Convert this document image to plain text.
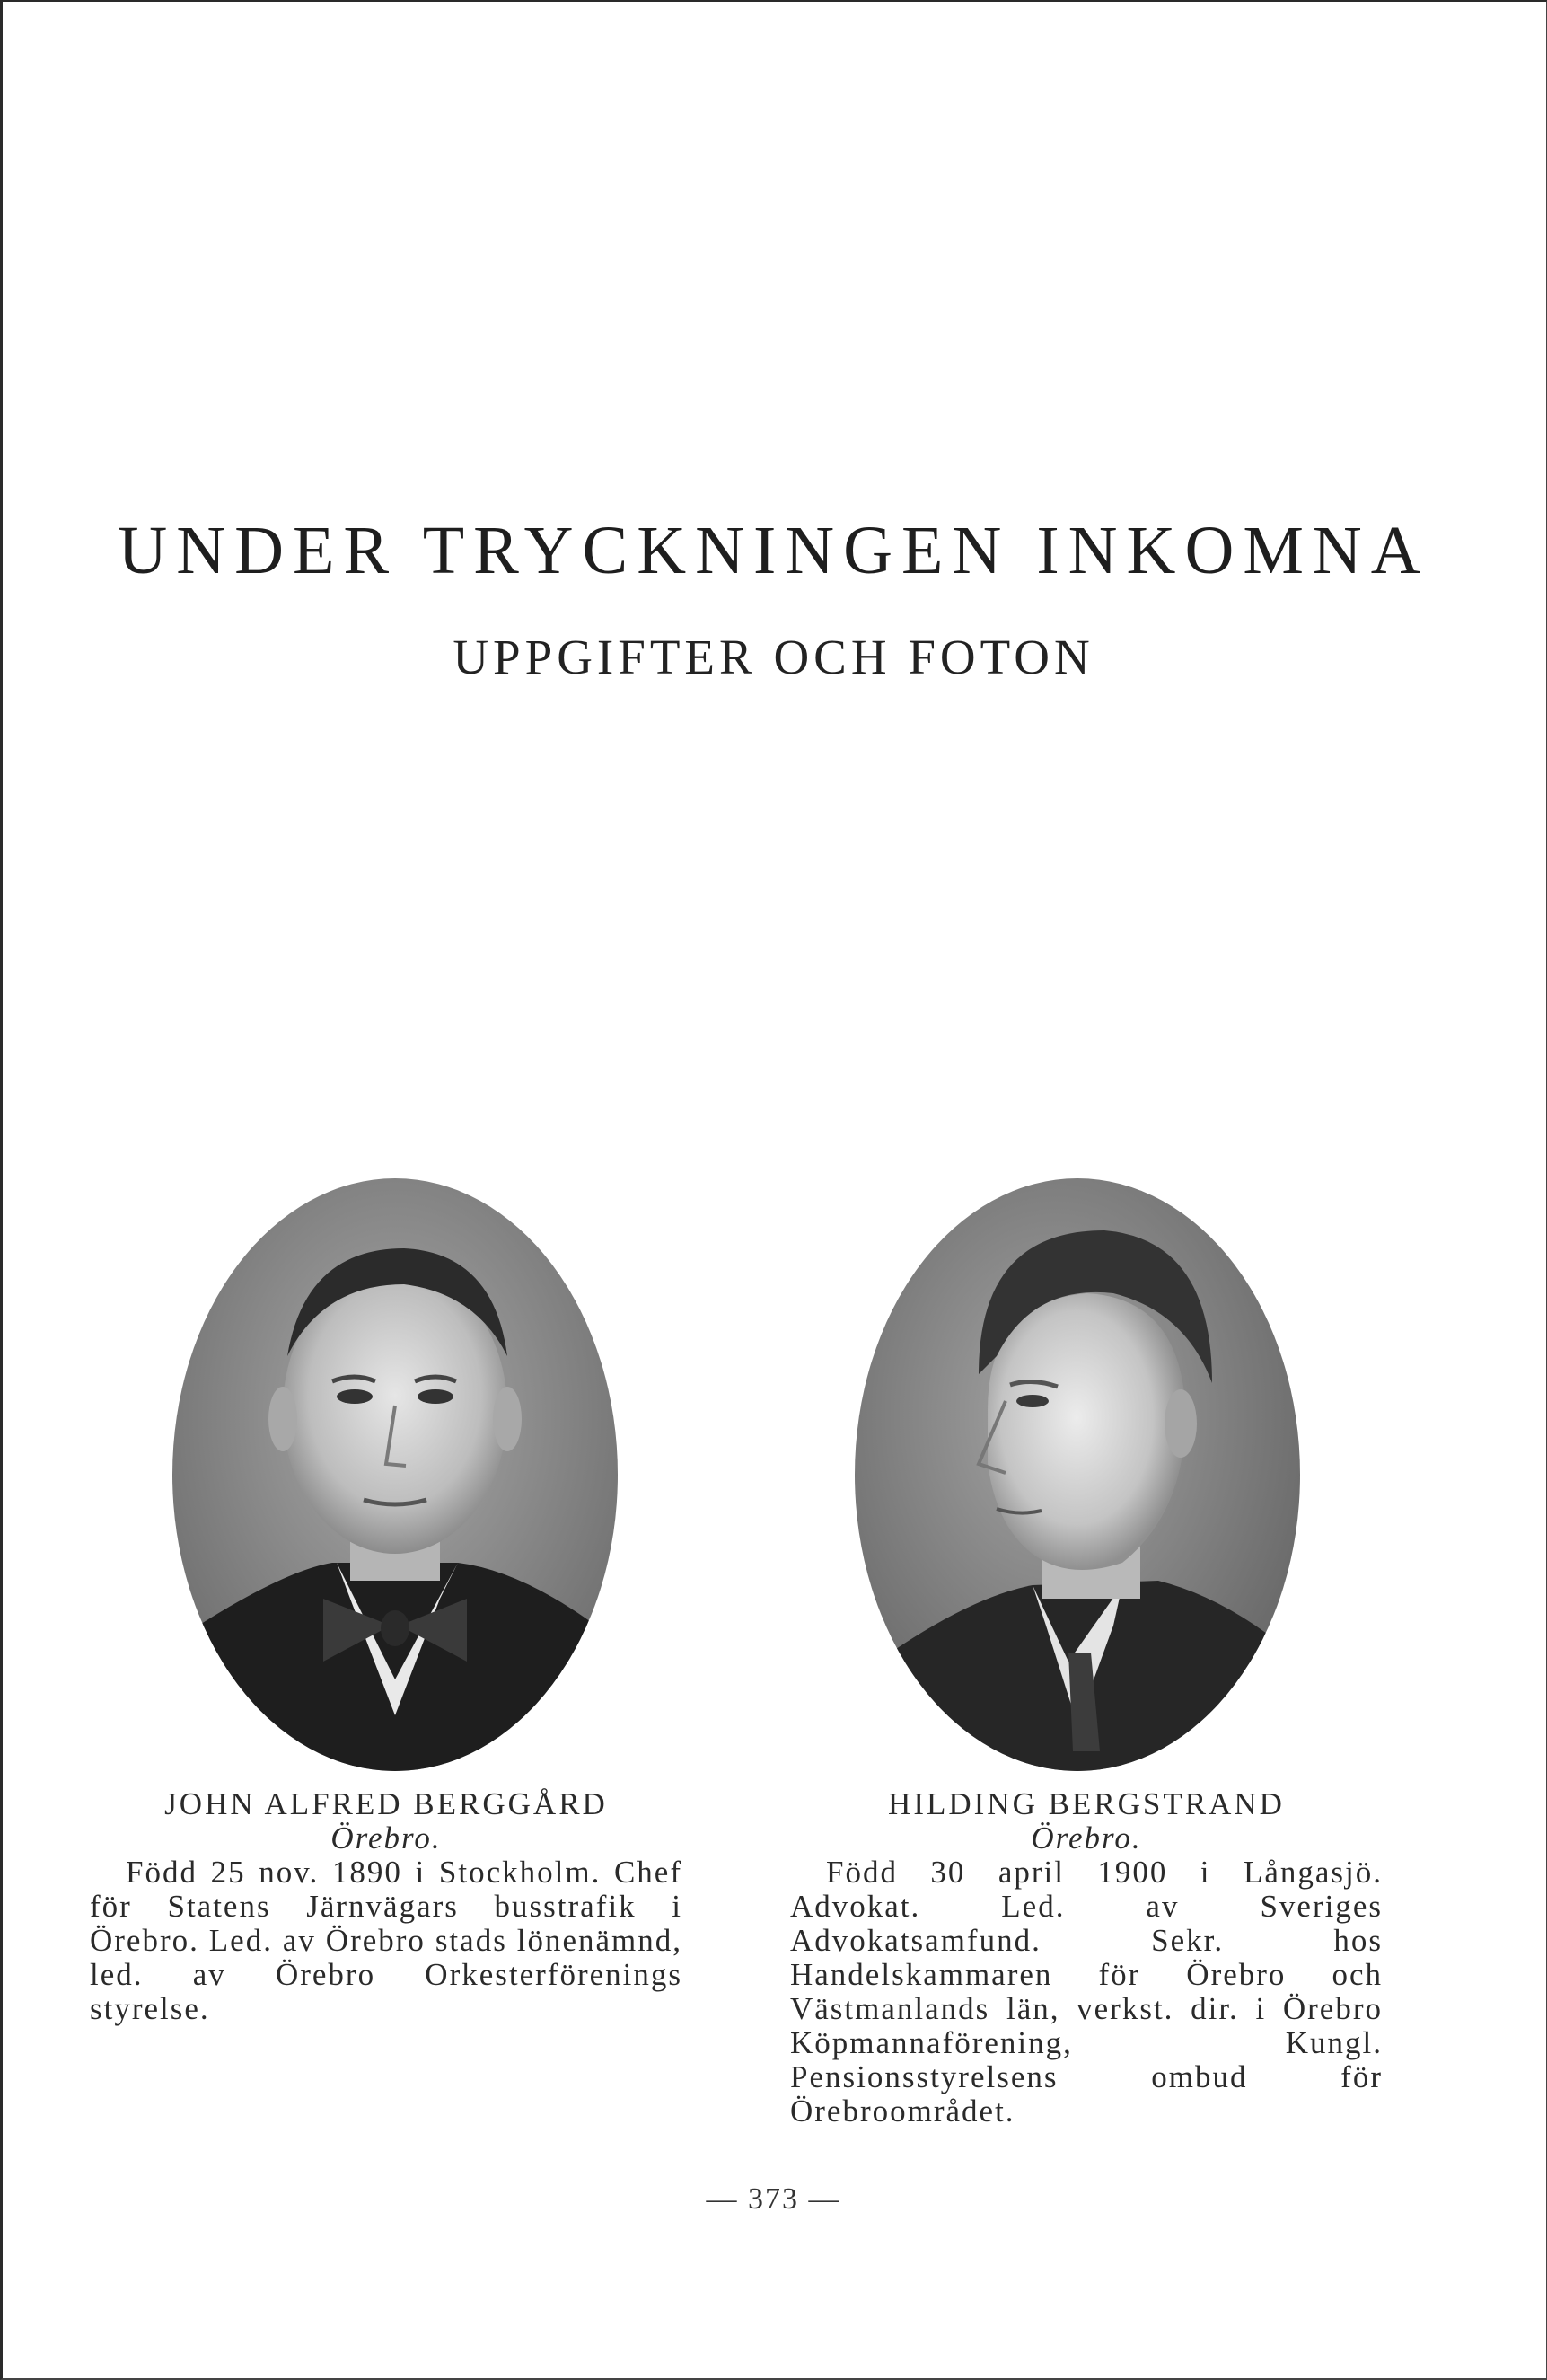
UNDER TRYCKNINGEN INKOMNA
UPPGIFTER OCH FOTON
JOHN ALFRED BERGGÅRD
Örebro.
Född 25 nov. 1890 i Stockholm. Chef för Statens Järnvägars busstrafik i Örebro. Led. av Örebro stads lönenämnd, led. av Örebro Orkesterförenings styrelse.
HILDING BERGSTRAND
Örebro.
Född 30 april 1900 i Långasjö. Advokat. Led. av Sveriges Advokatsamfund. Sekr. hos Handelskammaren för Örebro och Västmanlands län, verkst. dir. i Örebro Köpmannaförening, Kungl. Pensionsstyrelsens ombud för Örebroområdet.
— 373 —
